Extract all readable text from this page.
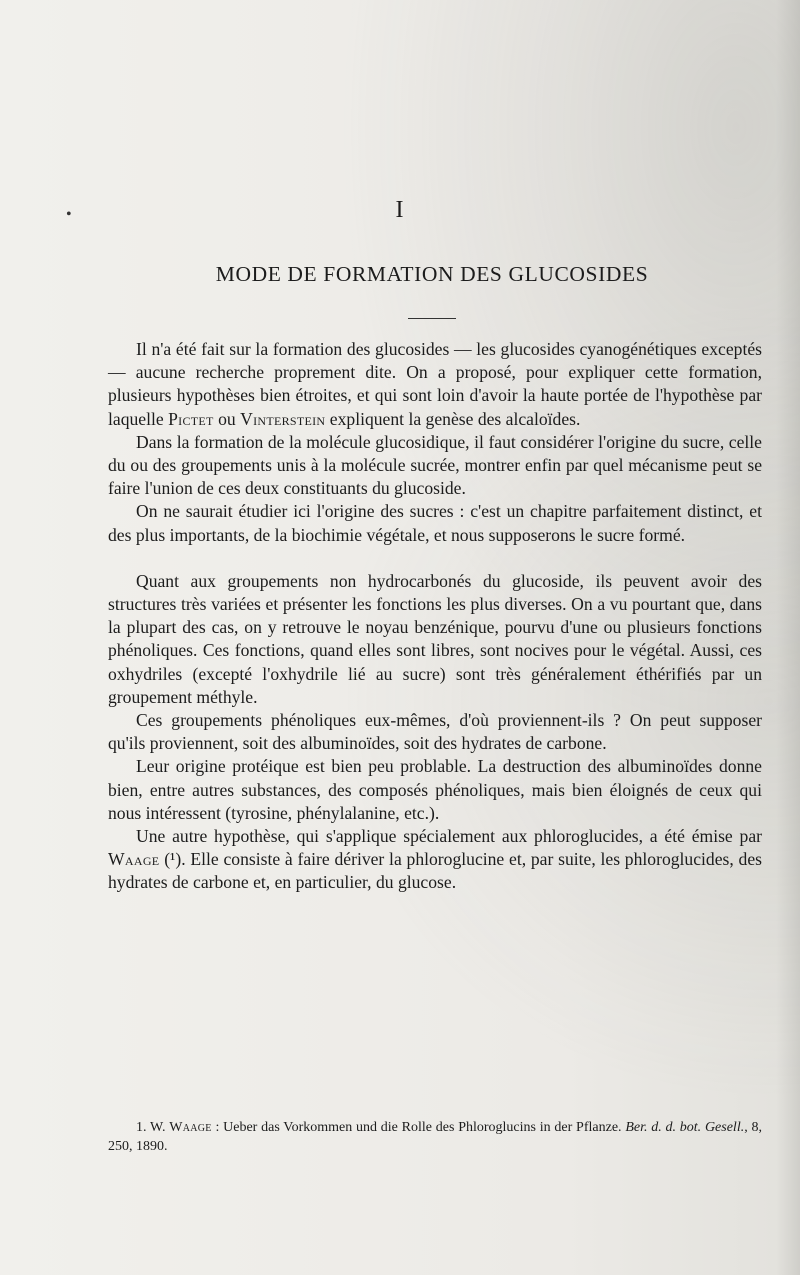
•	I
MODE DE FORMATION DES GLUCOSIDES

Il n'a été fait sur la formation des glucosides — les glucosides cyanogénétiques exceptés — aucune recherche proprement dite. On a proposé, pour expliquer cette formation, plusieurs hypothèses bien étroites, et qui sont loin d'avoir la haute portée de l'hypothèse par laquelle Pictet ou Vinterstein expliquent la genèse des alcaloïdes.

Dans la formation de la molécule glucosidique, il faut considérer l'origine du sucre, celle du ou des groupements unis à la molécule sucrée, montrer enfin par quel mécanisme peut se faire l'union de ces deux constituants du glucoside.

On ne saurait étudier ici l'origine des sucres : c'est un chapitre parfaitement distinct, et des plus importants, de la biochimie végétale, et nous supposerons le sucre formé.

Quant aux groupements non hydrocarbonés du glucoside, ils peuvent avoir des structures très variées et présenter les fonctions les plus diverses. On a vu pourtant que, dans la plupart des cas, on y retrouve le noyau benzénique, pourvu d'une ou plusieurs fonctions phénoliques. Ces fonctions, quand elles sont libres, sont nocives pour le végétal. Aussi, ces oxhydriles (excepté l'oxhydrile lié au sucre) sont très généralement éthérifiés par un groupement méthyle.

Ces groupements phénoliques eux-mêmes, d'où proviennent-ils ? On peut supposer qu'ils proviennent, soit des albuminoïdes, soit des hydrates de carbone.

Leur origine protéique est bien peu problable. La destruction des albuminoïdes donne bien, entre autres substances, des composés phénoliques, mais bien éloignés de ceux qui nous intéressent (tyrosine, phénylalanine, etc.).

Une autre hypothèse, qui s'applique spécialement aux phloroglucides, a été émise par Waage (¹). Elle consiste à faire dériver la phloroglucine et, par suite, les phloroglucides, des hydrates de carbone et, en particulier, du glucose.

1. W. Waage : Ueber das Vorkommen und die Rolle des Phloroglucins in der Pflanze. Ber. d. d. bot. Gesell., 8, 250, 1890.
